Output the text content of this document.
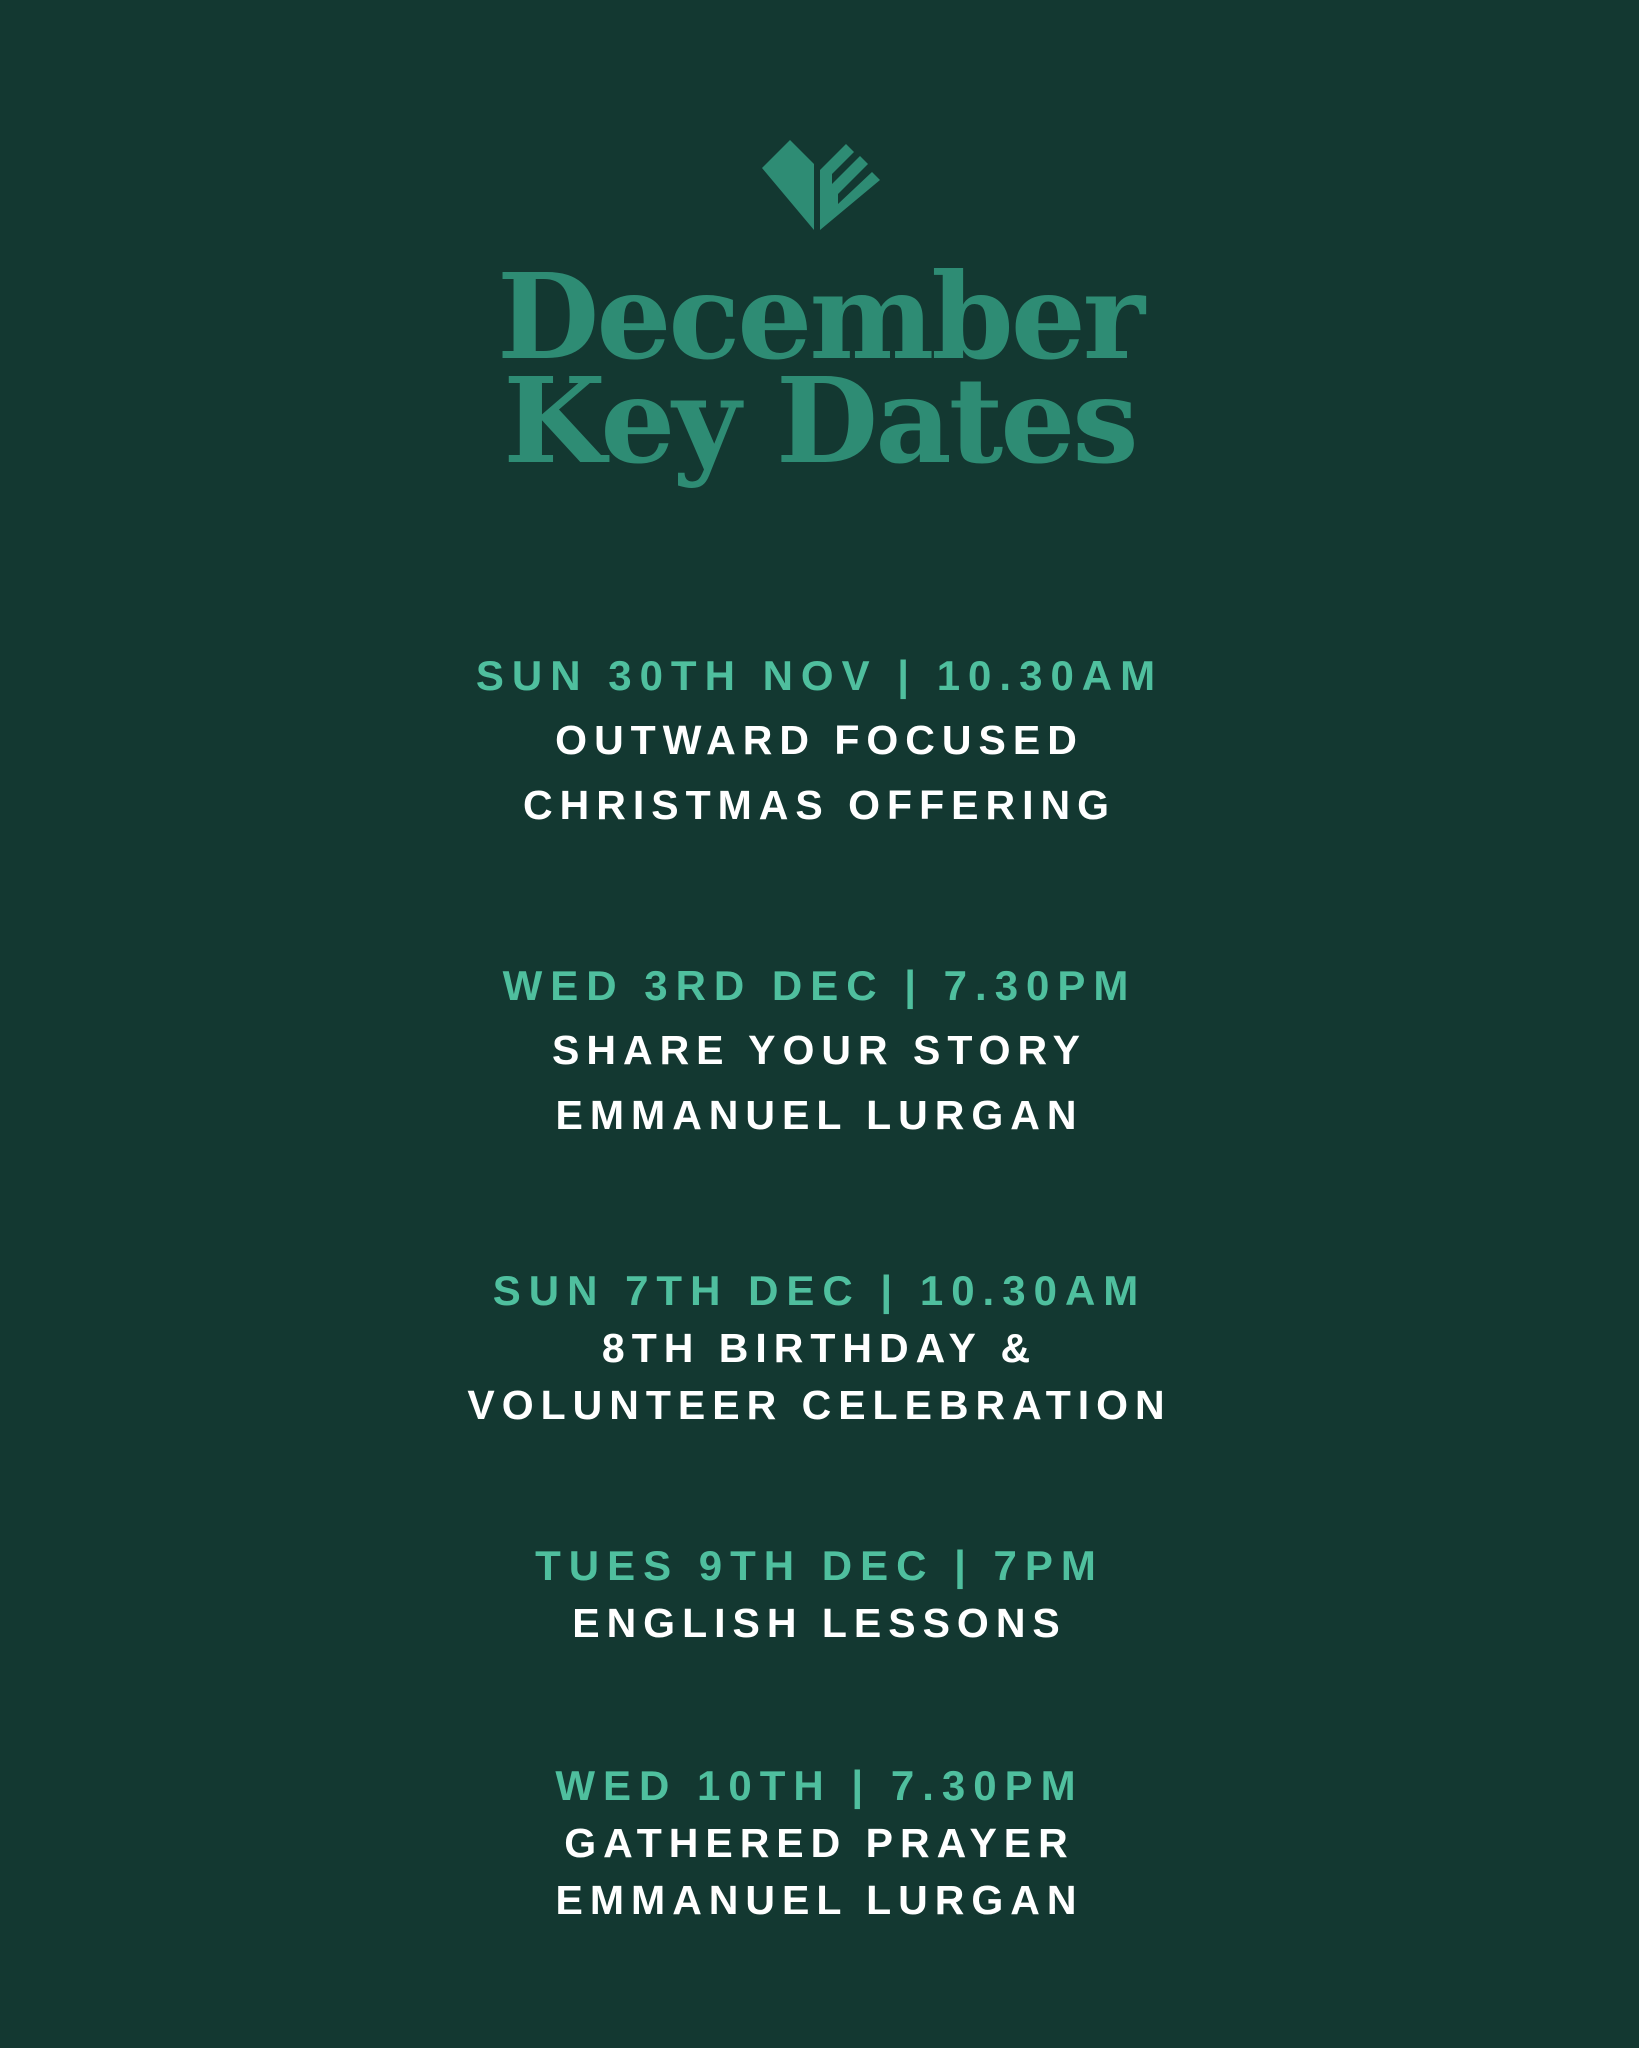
December
Key Dates
SUN 30TH NOV | 10.30AM
OUTWARD FOCUSED
CHRISTMAS OFFERING
WED 3RD DEC | 7.30PM
SHARE YOUR STORY
EMMANUEL LURGAN
SUN 7TH DEC | 10.30AM
8TH BIRTHDAY &
VOLUNTEER CELEBRATION
TUES 9TH DEC | 7PM
ENGLISH LESSONS
WED 10TH | 7.30PM
GATHERED PRAYER
EMMANUEL LURGAN
